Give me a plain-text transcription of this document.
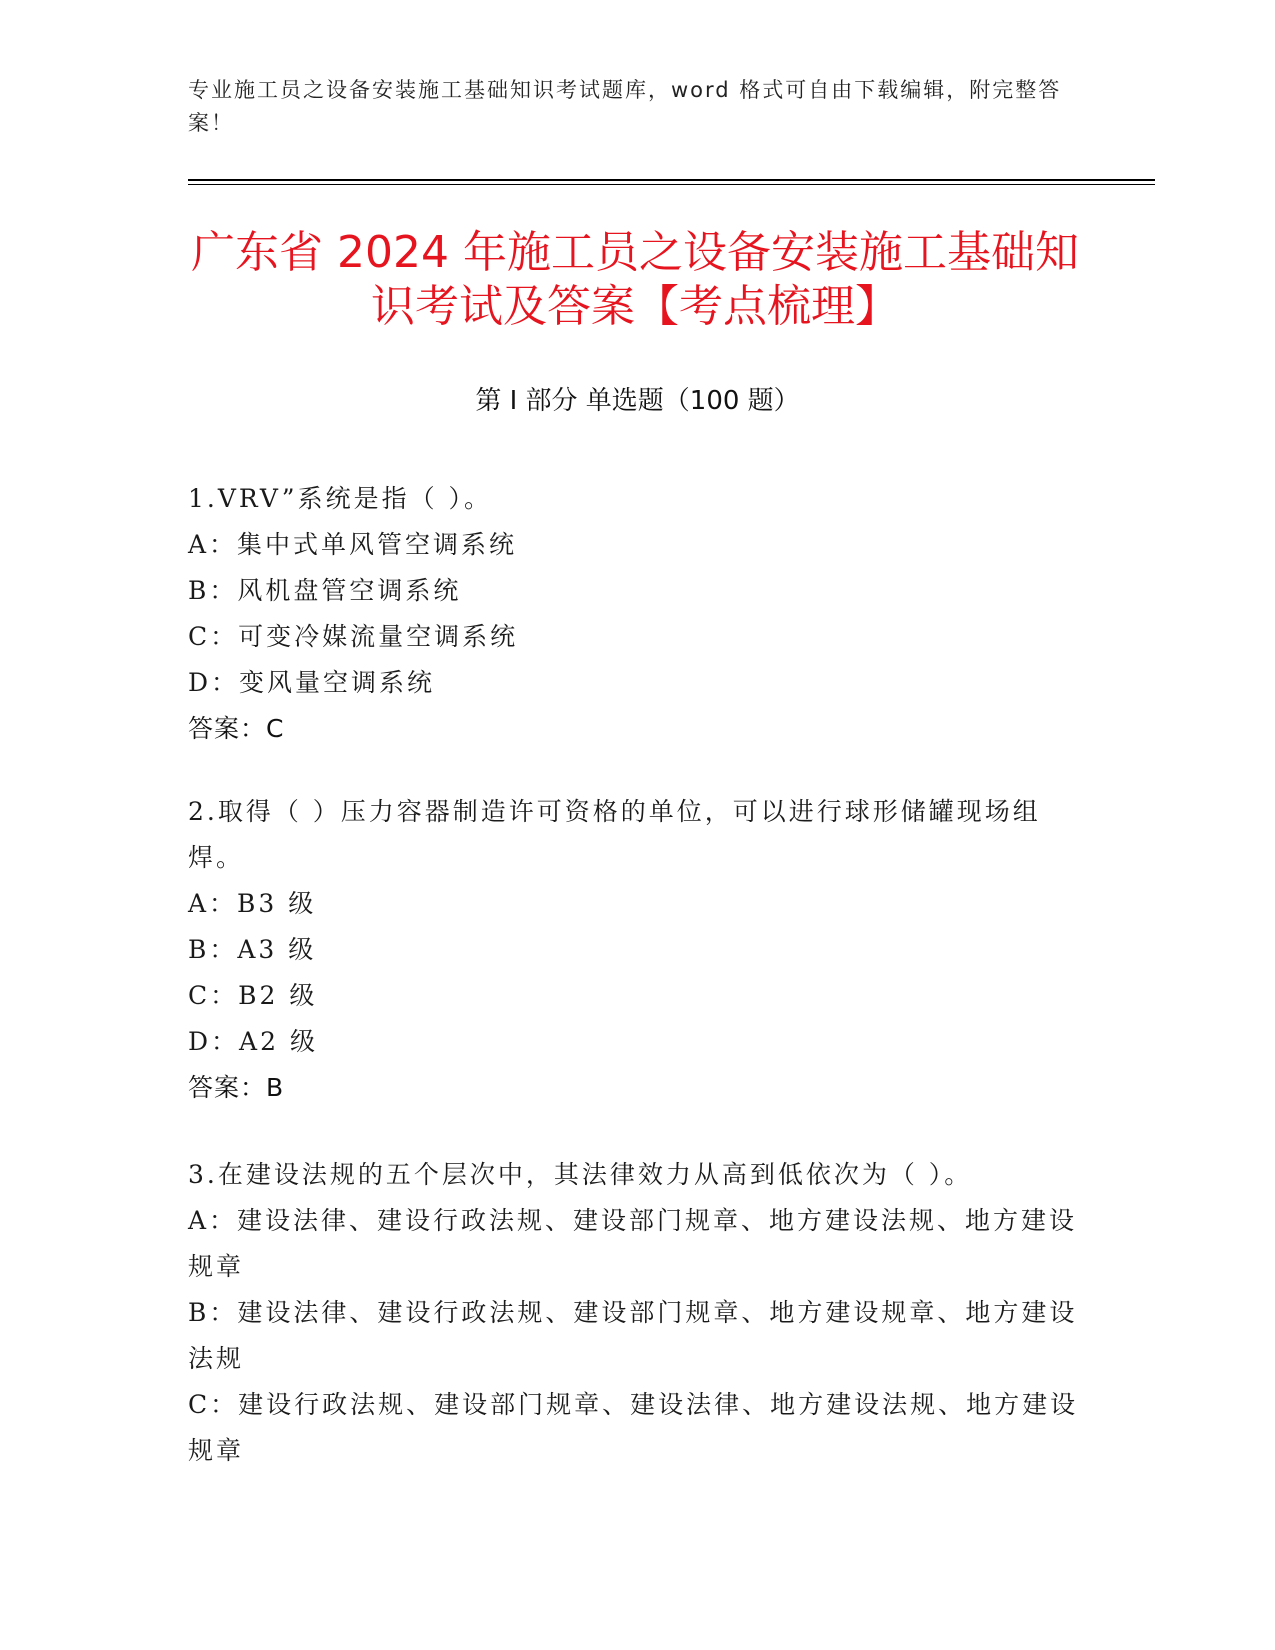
专业施工员之设备安装施工基础知识考试题库，word 格式可自由下载编辑，附完整答案！
广东省 2024 年施工员之设备安装施工基础知识考试及答案【考点梳理】
第 I 部分 单选题（100 题）
1.VRV”系统是指（ ）。
A：集中式单风管空调系统
B：风机盘管空调系统
C：可变冷媒流量空调系统
D：变风量空调系统
答案：C
2.取得（ ）压力容器制造许可资格的单位，可以进行球形储罐现场组焊。
A：B3 级
B：A3 级
C：B2 级
D：A2 级
答案：B
3.在建设法规的五个层次中，其法律效力从高到低依次为（ ）。
A：建设法律、建设行政法规、建设部门规章、地方建设法规、地方建设规章
B：建设法律、建设行政法规、建设部门规章、地方建设规章、地方建设法规
C：建设行政法规、建设部门规章、建设法律、地方建设法规、地方建设规章
